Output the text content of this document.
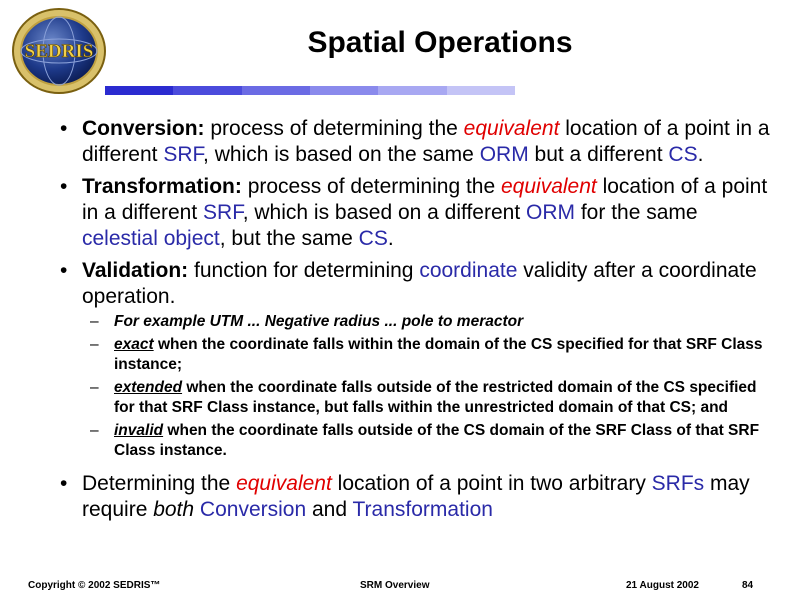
SEDRIS	Spatial Operations
• Conversion: process of determining the equivalent location of a point in a different SRF, which is based on the same ORM but a different CS.
• Transformation: process of determining the equivalent location of a point in a different SRF, which is based on a different ORM for the same celestial object, but the same CS.
• Validation: function for determining coordinate validity after a coordinate operation.
– For example UTM ... Negative radius ... pole to meractor
– exact when the coordinate falls within the domain of the CS specified for that SRF Class instance;
– extended when the coordinate falls outside of the restricted domain of the CS specified for that SRF Class instance, but falls within the unrestricted domain of that CS; and
– invalid when the coordinate falls outside of the CS domain of the SRF Class of that SRF Class instance.
• Determining the equivalent location of a point in two arbitrary SRFs may require both Conversion and Transformation
Copyright © 2002 SEDRIS™	SRM Overview	21 August 2002	84
